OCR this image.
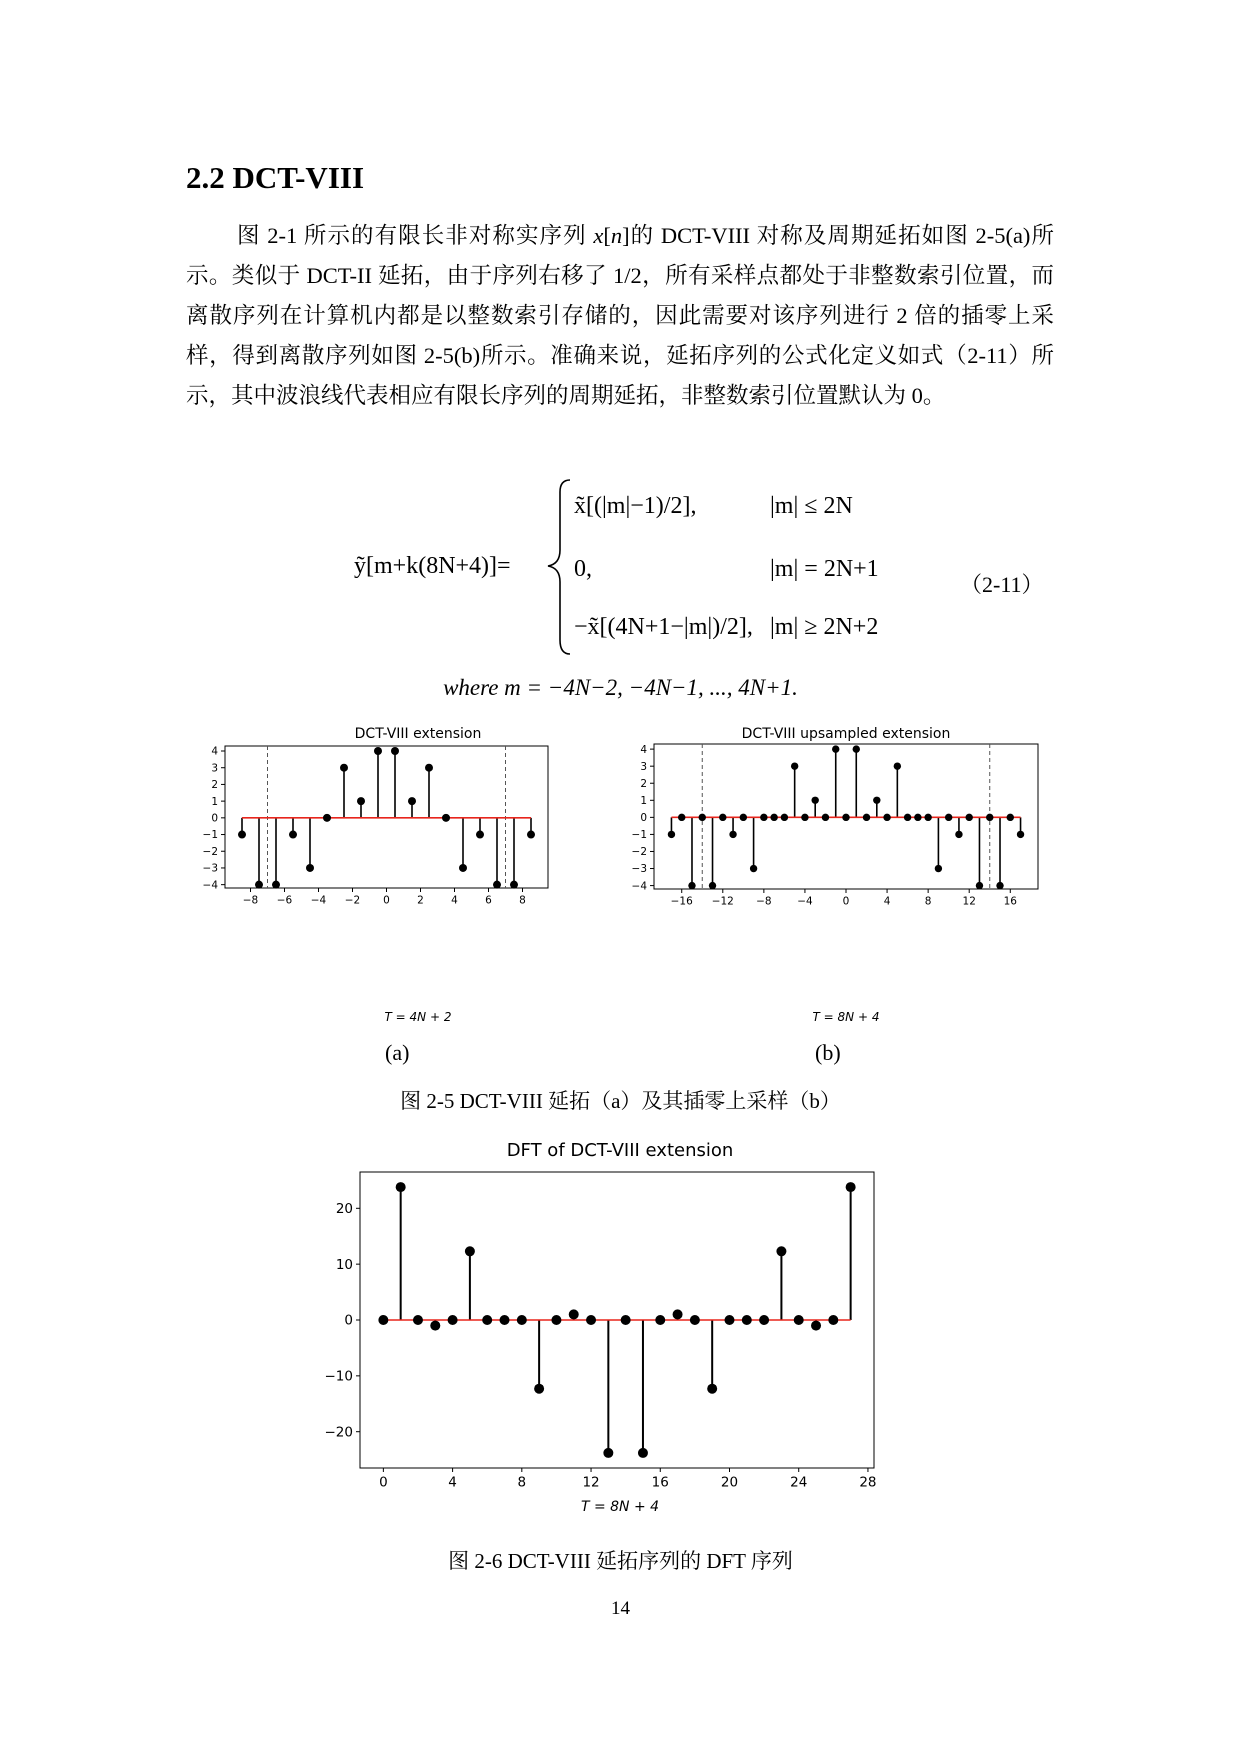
2.2 DCT-VIII

图 2-1 所示的有限长非对称实序列 x[n]的 DCT-VIII 对称及周期延拓如图 2-5(a)所示。类似于 DCT-II 延拓，由于序列右移了 1/2，所有采样点都处于非整数索引位置，而离散序列在计算机内都是以整数索引存储的，因此需要对该序列进行 2 倍的插零上采样，得到离散序列如图 2-5(b)所示。准确来说，延拓序列的公式化定义如式（2-11）所示，其中波浪线代表相应有限长序列的周期延拓，非整数索引位置默认为 0。

ỹ[m+k(8N+4)]=
x̃[(|m|−1)/2],	|m| ≤ 2N
0,	|m| = 2N+1
−x̃[(4N+1−|m|)/2], |m| ≥ 2N+2
（2-11）
where m = −4N−2, −4N−1, ..., 4N+1.
DCT-VIII extension
T = 4N + 2
4
3
2
1
0
−1
−2
−3
−4
−8 −6 −4 −2 0	2	4	6	8
DCT-VIII upsampled extension
T = 8N + 4
4
3
2
1
0
−1
−2
−3
−4
−16 −12 −8 −4	0	4	8	12	16
(a)	(b)
图 2-5 DCT-VIII 延拓（a）及其插零上采样（b）
DFT of DCT-VIII extension
T = 8N + 4
20
10
0
−10
−20
0	4	8	12	16	20	24	28
图 2-6 DCT-VIII 延拓序列的 DFT 序列
14
